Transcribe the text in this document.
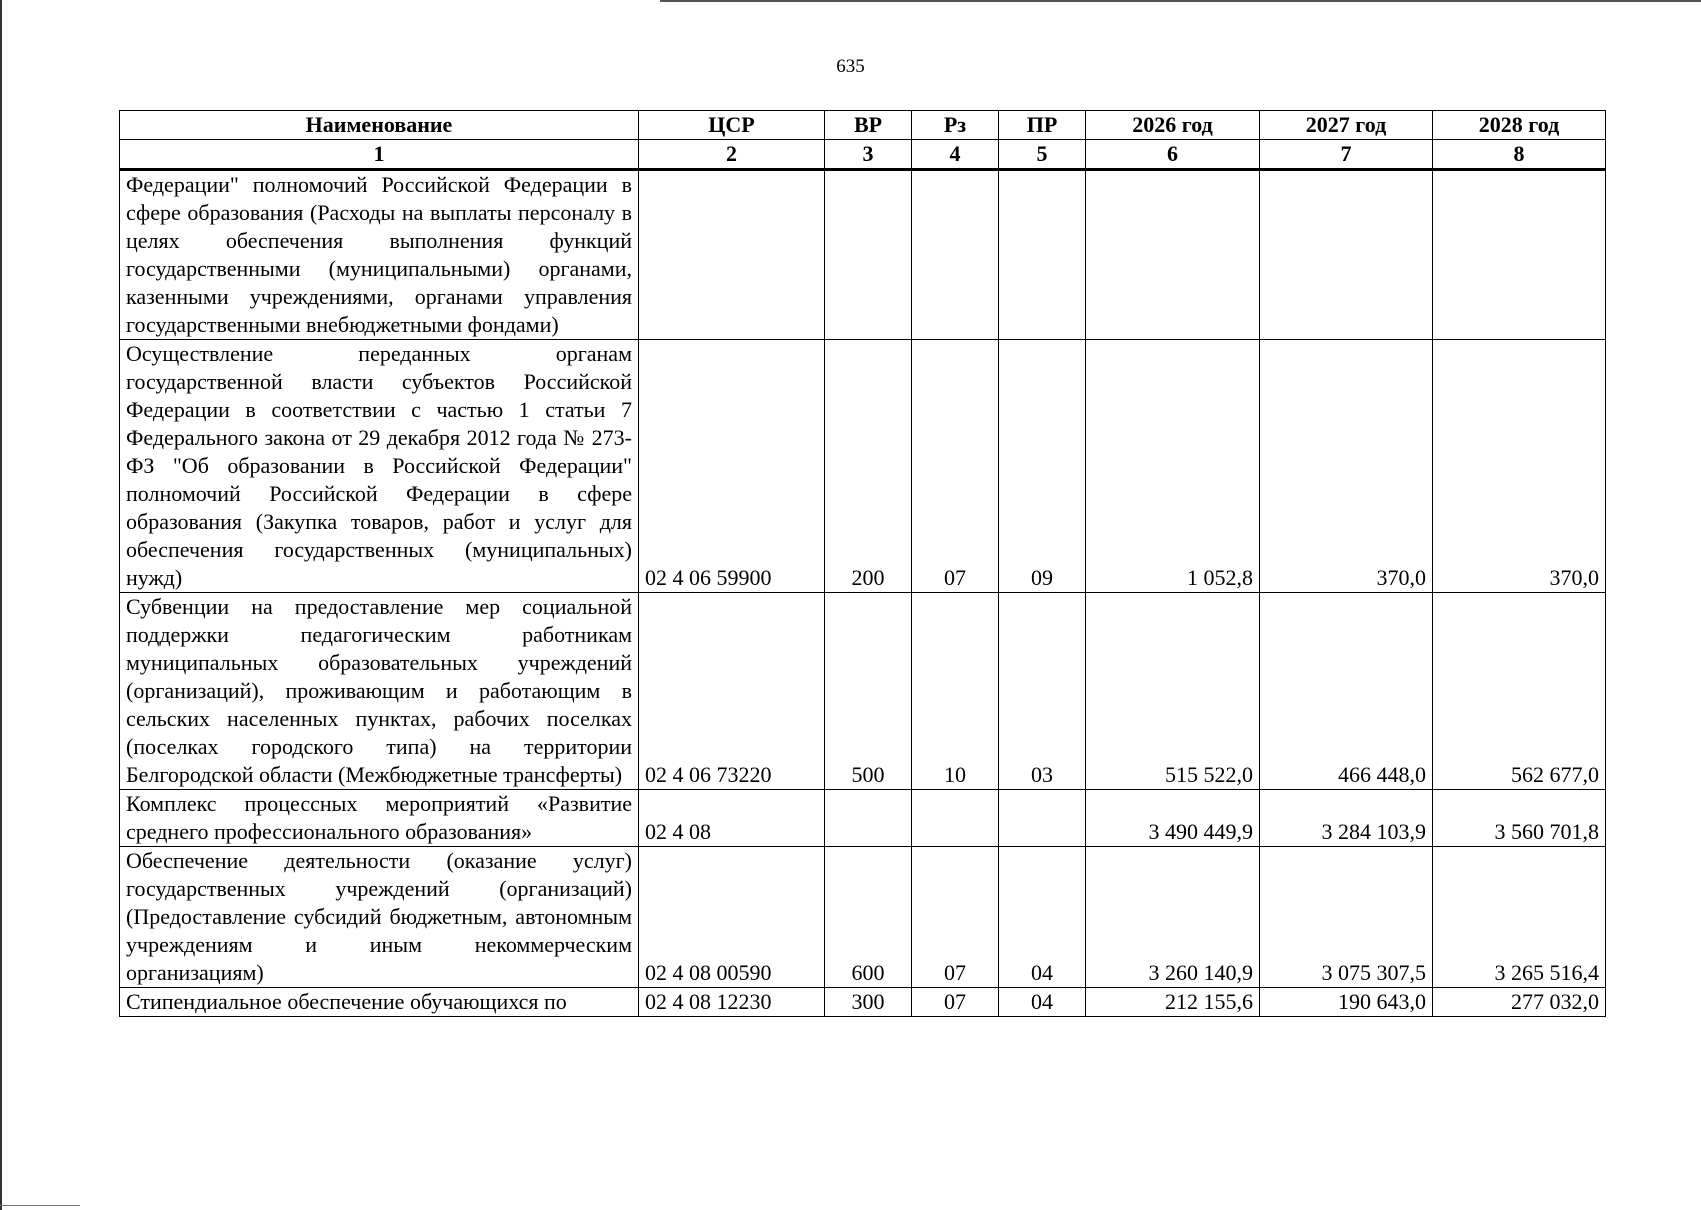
635
Наименование	ЦСР	ВР	Рз	ПР	2026 год	2027 год	2028 год
1	2	3	4	5	6	7	8
Федерации" полномочий Российской Федерации в сфере образования (Расходы на выплаты персоналу в целях обеспечения выполнения функций государственными (муниципальными) органами, казенными учреждениями, органами управления государственными внебюджетными фондами)							
Осуществление переданных органам государственной власти субъектов Российской Федерации в соответствии с частью 1 статьи 7 Федерального закона от 29 декабря 2012 года № 273-ФЗ "Об образовании в Российской Федерации" полномочий Российской Федерации в сфере образования (Закупка товаров, работ и услуг для обеспечения государственных (муниципальных) нужд)	02 4 06 59900	200	07	09	1 052,8	370,0	370,0
Субвенции на предоставление мер социальной поддержки педагогическим работникам муниципальных образовательных учреждений (организаций), проживающим и работающим в сельских населенных пунктах, рабочих поселках (поселках городского типа) на территории Белгородской области (Межбюджетные трансферты)	02 4 06 73220	500	10	03	515 522,0	466 448,0	562 677,0
Комплекс процессных мероприятий «Развитие среднего профессионального образования»	02 4 08				3 490 449,9	3 284 103,9	3 560 701,8
Обеспечение деятельности (оказание услуг) государственных учреждений (организаций) (Предоставление субсидий бюджетным, автономным учреждениям и иным некоммерческим организациям)	02 4 08 00590	600	07	04	3 260 140,9	3 075 307,5	3 265 516,4
Стипендиальное обеспечение обучающихся по	02 4 08 12230	300	07	04	212 155,6	190 643,0	277 032,0
